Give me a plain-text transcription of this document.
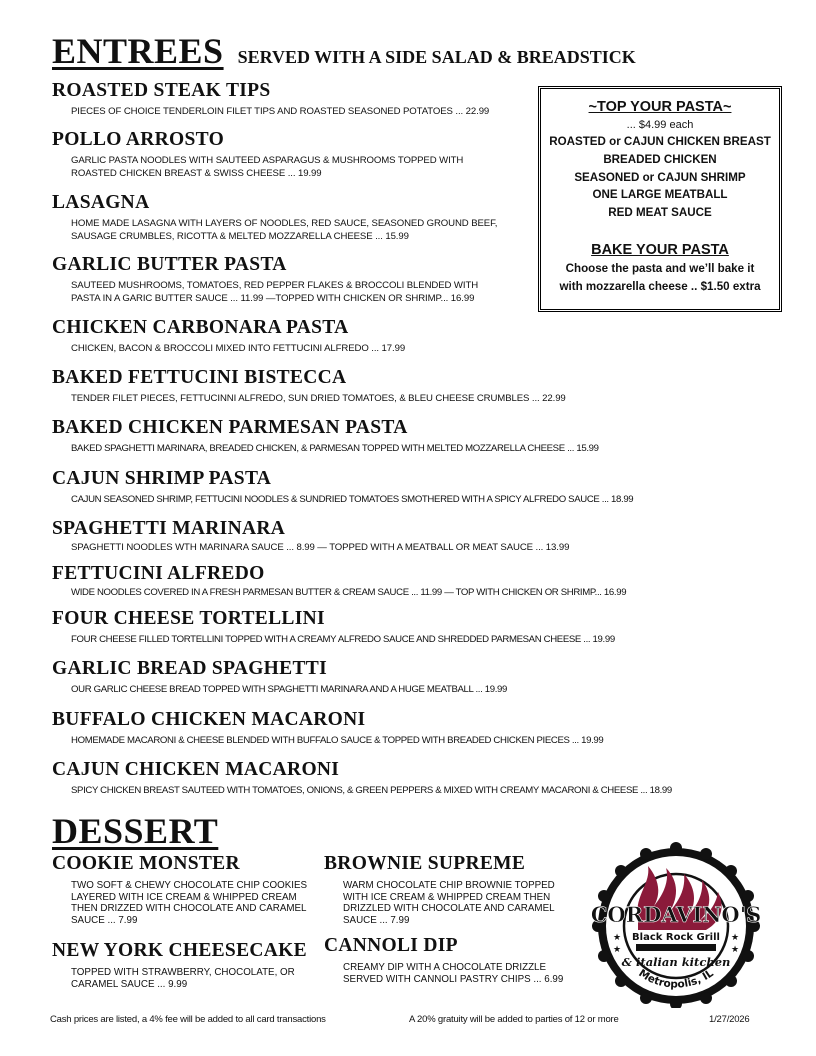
ENTREES SERVED WITH A SIDE SALAD & BREADSTICK
ROASTED STEAK TIPS
PIECES OF CHOICE TENDERLOIN FILET TIPS AND ROASTED SEASONED POTATOES ... 22.99
POLLO ARROSTO
GARLIC PASTA NOODLES WITH SAUTEED ASPARAGUS & MUSHROOMS TOPPED WITH
ROASTED CHICKEN BREAST & SWISS CHEESE ... 19.99
LASAGNA
HOME MADE LASAGNA WITH LAYERS OF NOODLES, RED SAUCE, SEASONED GROUND BEEF,
SAUSAGE CRUMBLES, RICOTTA & MELTED MOZZARELLA CHEESE ... 15.99
GARLIC BUTTER PASTA
SAUTEED MUSHROOMS, TOMATOES, RED PEPPER FLAKES & BROCCOLI BLENDED WITH
PASTA IN A GARIC BUTTER SAUCE ... 11.99 —TOPPED WITH CHICKEN OR SHRIMP... 16.99
CHICKEN CARBONARA PASTA
CHICKEN, BACON & BROCCOLI MIXED INTO FETTUCINI ALFREDO ... 17.99
BAKED FETTUCINI BISTECCA
TENDER FILET PIECES, FETTUCINNI ALFREDO, SUN DRIED TOMATOES, & BLEU CHEESE CRUMBLES ... 22.99
BAKED CHICKEN PARMESAN PASTA
BAKED SPAGHETTI MARINARA, BREADED CHICKEN, & PARMESAN TOPPED WITH MELTED MOZZARELLA CHEESE ... 15.99
CAJUN SHRIMP PASTA
CAJUN SEASONED SHRIMP, FETTUCINI NOODLES & SUNDRIED TOMATOES SMOTHERED WITH A SPICY ALFREDO SAUCE ... 18.99
SPAGHETTI MARINARA
SPAGHETTI NOODLES WTH MARINARA SAUCE ... 8.99 — TOPPED WITH A MEATBALL OR MEAT SAUCE ... 13.99
FETTUCINI ALFREDO
WIDE NOODLES COVERED IN A FRESH PARMESAN BUTTER & CREAM SAUCE ... 11.99 — TOP WITH CHICKEN OR SHRIMP... 16.99
FOUR CHEESE TORTELLINI
FOUR CHEESE FILLED TORTELLINI TOPPED WITH A CREAMY ALFREDO SAUCE AND SHREDDED PARMESAN CHEESE ... 19.99
GARLIC BREAD SPAGHETTI
OUR GARLIC CHEESE BREAD TOPPED WITH SPAGHETTI MARINARA AND A HUGE MEATBALL ... 19.99
BUFFALO CHICKEN MACARONI
HOMEMADE MACARONI & CHEESE BLENDED WITH BUFFALO SAUCE & TOPPED WITH BREADED CHICKEN PIECES ... 19.99
CAJUN CHICKEN MACARONI
SPICY CHICKEN BREAST SAUTEED WITH TOMATOES, ONIONS, & GREEN PEPPERS & MIXED WITH CREAMY MACARONI & CHEESE ... 18.99
~TOP YOUR PASTA~
... $4.99 each
ROASTED or CAJUN CHICKEN BREAST
BREADED CHICKEN
SEASONED or CAJUN SHRIMP
ONE LARGE MEATBALL
RED MEAT SAUCE
BAKE YOUR PASTA
Choose the pasta and we’ll bake it
with mozzarella cheese .. $1.50 extra
DESSERT
COOKIE MONSTER
TWO SOFT & CHEWY CHOCOLATE CHIP COOKIES
LAYERED WITH ICE CREAM & WHIPPED CREAM
THEN DRIZZED WITH CHOCOLATE AND CARAMEL
SAUCE ... 7.99
NEW YORK CHEESECAKE
TOPPED WITH STRAWBERRY, CHOCOLATE, OR
CARAMEL SAUCE ... 9.99
BROWNIE SUPREME
WARM CHOCOLATE CHIP BROWNIE TOPPED
WITH ICE CREAM & WHIPPED CREAM THEN
DRIZZLED WITH CHOCOLATE AND CARAMEL
SAUCE ... 7.99
CANNOLI DIP
CREAMY DIP WITH A CHOCOLATE DRIZZLE
SERVED WITH CANNOLI PASTRY CHIPS ... 6.99
CORDAVINO'S
Black Rock Grill
& italian kitchen
★
★
★
★
Metropolis, IL
Cash prices are listed, a 4% fee will be added to all card transactions	A 20% gratuity will be added to parties of 12 or more	1/27/2026
